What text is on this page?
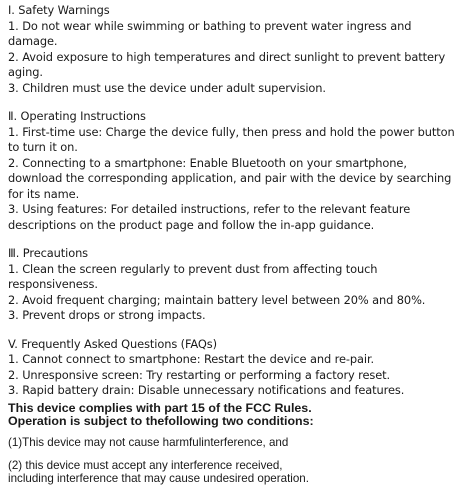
Ⅰ. Safety Warnings

1. Do not wear while swimming or bathing to prevent water ingress and damage.

2. Avoid exposure to high temperatures and direct sunlight to prevent battery aging.

3. Children must use the device under adult supervision.

Ⅱ. Operating Instructions

1. First-time use: Charge the device fully, then press and hold the power button to turn it on.

2. Connecting to a smartphone: Enable Bluetooth on your smartphone, download the corresponding application, and pair with the device by searching for its name.

3. Using features: For detailed instructions, refer to the relevant feature descriptions on the product page and follow the in-app guidance.

Ⅲ. Precautions

1. Clean the screen regularly to prevent dust from affecting touch responsiveness.

2. Avoid frequent charging; maintain battery level between 20% and 80%.

3. Prevent drops or strong impacts.

V. Frequently Asked Questions (FAQs)

1. Cannot connect to smartphone: Restart the device and re-pair.

2. Unresponsive screen: Try restarting or performing a factory reset.

3. Rapid battery drain: Disable unnecessary notifications and features.

This device complies with part 15 of the FCC Rules.

Operation is subject to thefollowing two conditions:

(1)This device may not cause harmfulinterference, and

(2) this device must accept any interference received,

including interference that may cause undesired operation.
